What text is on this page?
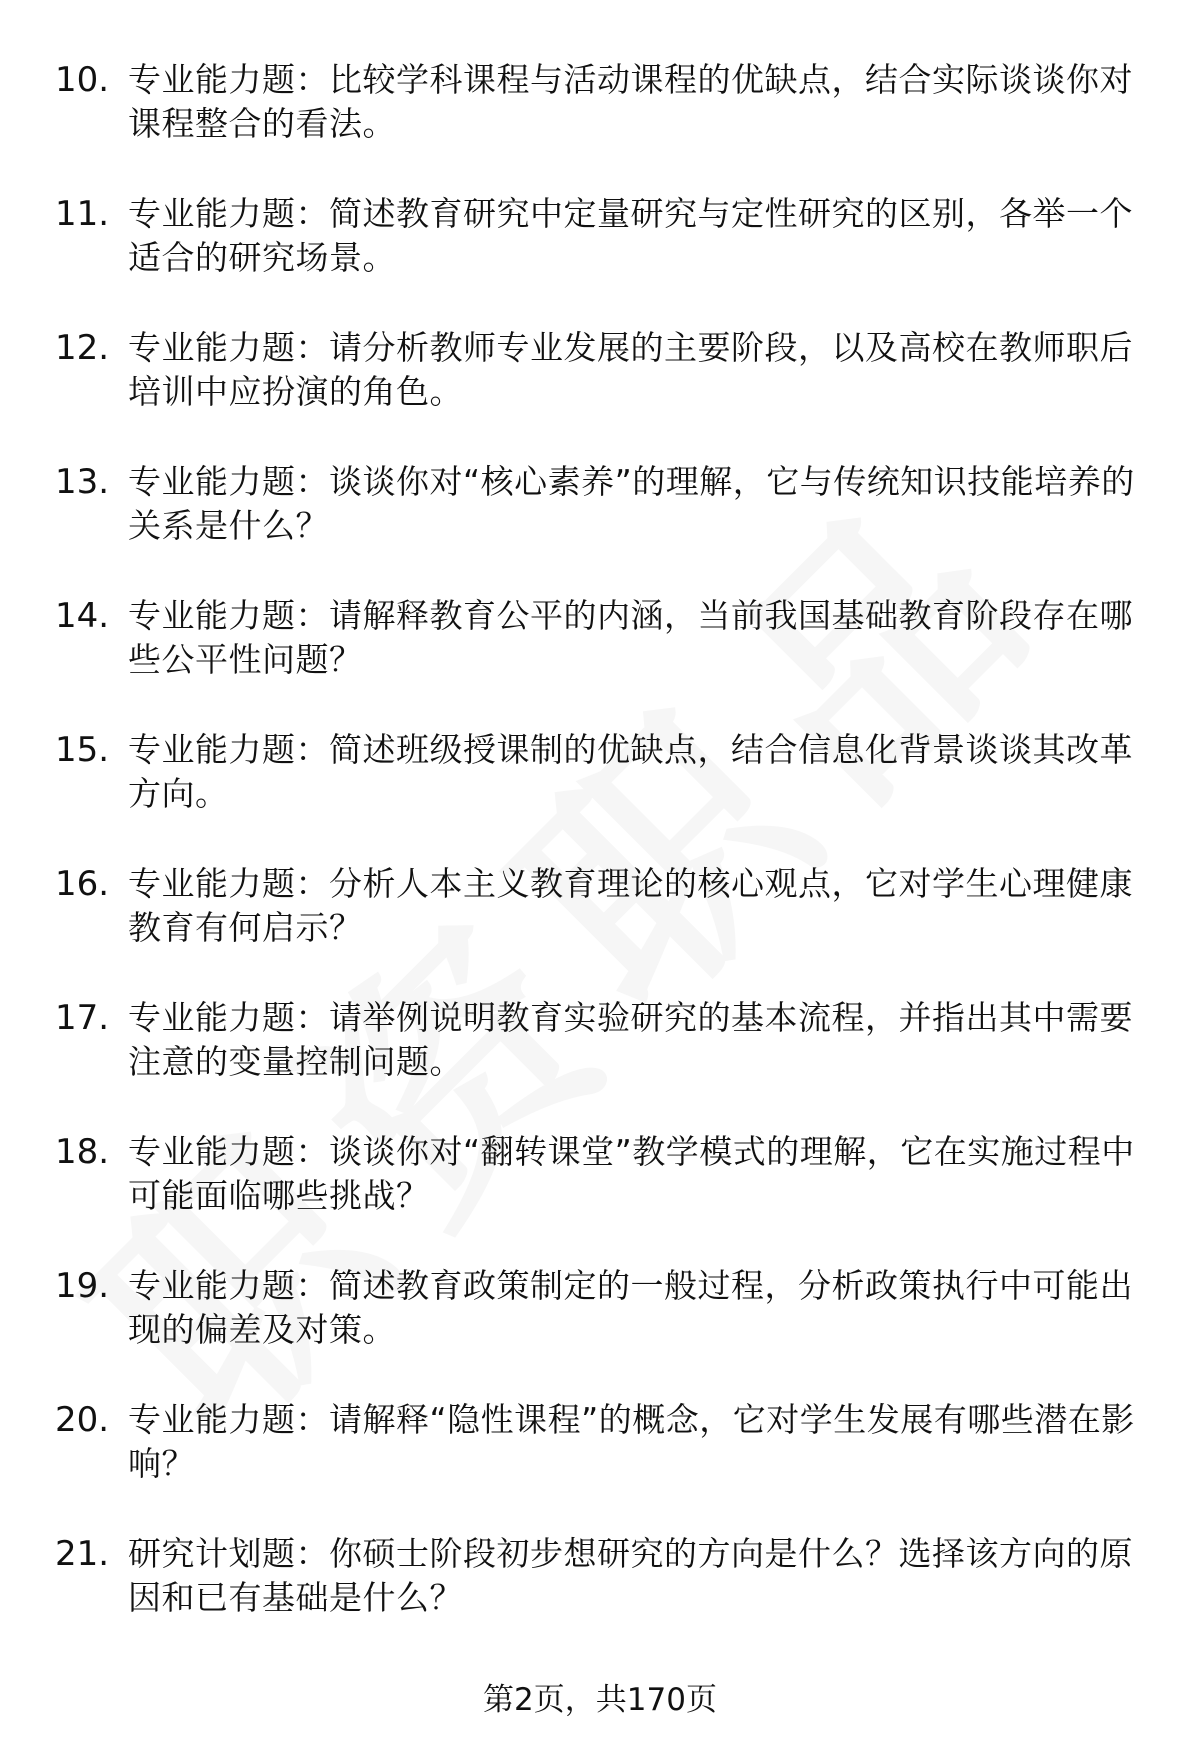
10. 专业能力题：比较学科课程与活动课程的优缺点，结合实际谈谈你对课程整合的看法。
11. 专业能力题：简述教育研究中定量研究与定性研究的区别，各举一个适合的研究场景。
12. 专业能力题：请分析教师专业发展的主要阶段，以及高校在教师职后培训中应扮演的角色。
13. 专业能力题：谈谈你对“核心素养”的理解，它与传统知识技能培养的关系是什么？
14. 专业能力题：请解释教育公平的内涵，当前我国基础教育阶段存在哪些公平性问题？
15. 专业能力题：简述班级授课制的优缺点，结合信息化背景谈谈其改革方向。
16. 专业能力题：分析人本主义教育理论的核心观点，它对学生心理健康教育有何启示？
17. 专业能力题：请举例说明教育实验研究的基本流程，并指出其中需要注意的变量控制问题。
18. 专业能力题：谈谈你对“翻转课堂”教学模式的理解，它在实施过程中可能面临哪些挑战？
19. 专业能力题：简述教育政策制定的一般过程，分析政策执行中可能出现的偏差及对策。
20. 专业能力题：请解释“隐性课程”的概念，它对学生发展有哪些潜在影响？
21. 研究计划题：你硕士阶段初步想研究的方向是什么？选择该方向的原因和已有基础是什么？
第2页，共170页
